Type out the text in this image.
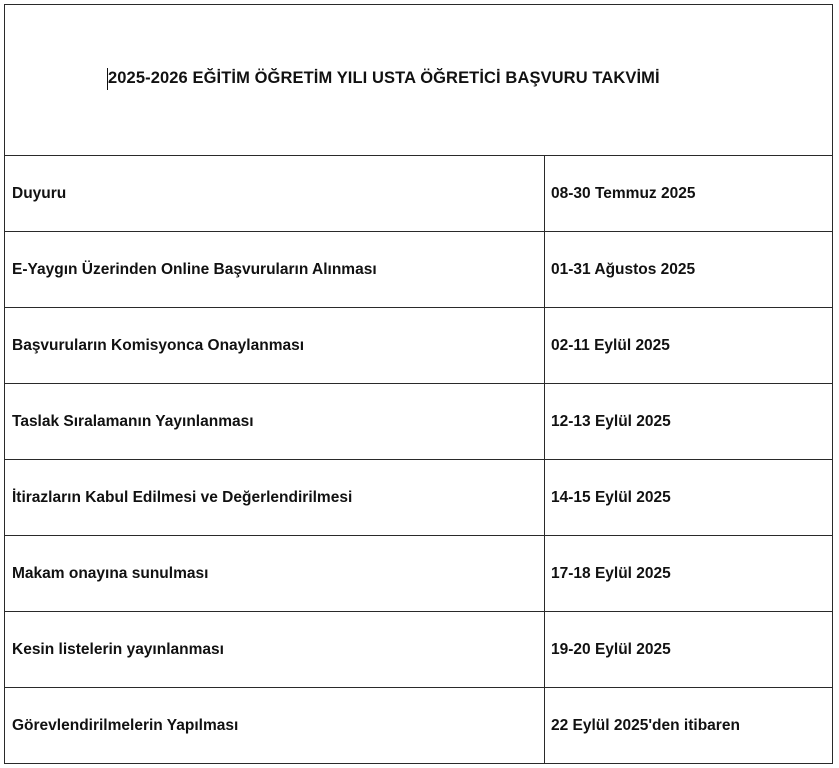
2025-2026 EĞİTİM ÖĞRETİM YILI USTA ÖĞRETİCİ BAŞVURU TAKVİMİ
Duyuru	08-30 Temmuz 2025
E-Yaygın Üzerinden Online Başvuruların Alınması	01-31 Ağustos 2025
Başvuruların Komisyonca Onaylanması	02-11 Eylül 2025
Taslak Sıralamanın Yayınlanması	12-13 Eylül 2025
İtirazların Kabul Edilmesi ve Değerlendirilmesi	14-15 Eylül 2025
Makam onayına sunulması	17-18 Eylül 2025
Kesin listelerin yayınlanması	19-20 Eylül 2025
Görevlendirilmelerin Yapılması	22 Eylül 2025'den itibaren
